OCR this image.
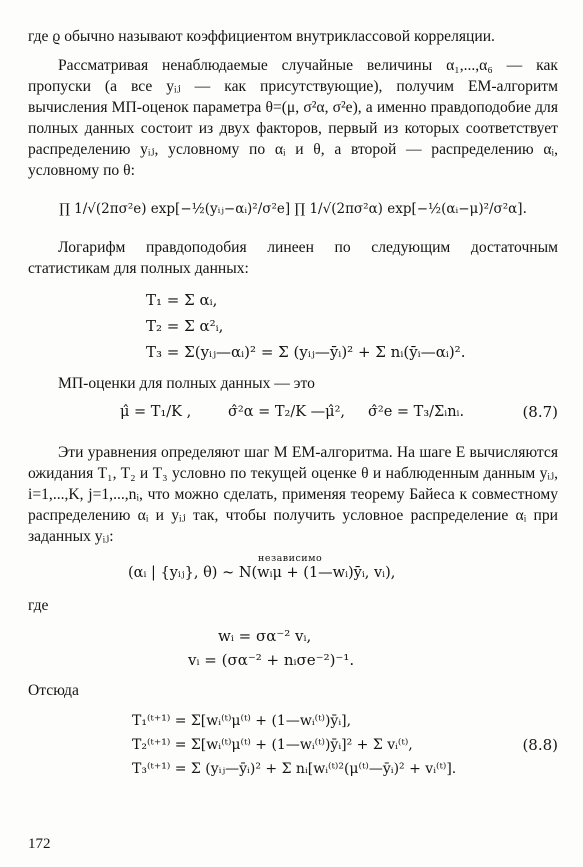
где ϱ обычно называют коэффициентом внутриклассовой корреляции.

Рассматривая ненаблюдаемые случайные величины α₁,...,α₆ — как пропуски (а все yᵢⱼ — как присутствующие), получим ЕМ-алгоритм вычисления МП-оценок параметра θ=(μ, σ²α, σ²e), а именно правдоподобие для полных данных состоит из двух факторов, первый из которых соответствует распределению yᵢⱼ, условному по αᵢ и θ, а второй — распределению αᵢ, условному по θ:

∏ 1/√(2πσ²e) exp[−½(yᵢⱼ−αᵢ)²/σ²e] ∏ 1/√(2πσ²α) exp[−½(αᵢ−μ)²/σ²α].

Логарифм правдоподобия линеен по следующим достаточным статистикам для полных данных:

T₁ = Σ αᵢ,
T₂ = Σ α²ᵢ,
T₃ = Σ(yᵢⱼ—αᵢ)² = Σ (yᵢⱼ—ȳᵢ)² + Σ nᵢ(ȳᵢ—αᵢ)².

МП-оценки для полных данных — это

μ̂ = T₁/K ,	σ̂²α = T₂/K —μ̂², σ̂²e = T₃/Σᵢnᵢ.	(8.7)

Эти уравнения определяют шаг М ЕМ-алгоритма. На шаге Е вычисляются ожидания T₁, T₂ и T₃ условно по текущей оценке θ и наблюденным данным yᵢⱼ, i=1,...,K, j=1,...,nᵢ, что можно сделать, применяя теорему Байеса к совместному распределению αᵢ и yᵢⱼ так, чтобы получить условное распределение αᵢ при заданных yᵢⱼ:

независимо
(αᵢ | {yᵢⱼ}, θ) ~ N(wᵢμ + (1—wᵢ)ȳᵢ, vᵢ),

где

wᵢ = σα⁻² vᵢ,
vᵢ = (σα⁻² + nᵢσe⁻²)⁻¹.

Отсюда

T₁⁽ᵗ⁺¹⁾ = Σ[wᵢ⁽ᵗ⁾μ⁽ᵗ⁾ + (1—wᵢ⁽ᵗ⁾)ȳᵢ],
T₂⁽ᵗ⁺¹⁾ = Σ[wᵢ⁽ᵗ⁾μ⁽ᵗ⁾ + (1—wᵢ⁽ᵗ⁾)ȳᵢ]² + Σ vᵢ⁽ᵗ⁾,
T₃⁽ᵗ⁺¹⁾ = Σ (yᵢⱼ—ȳᵢ)² + Σ nᵢ[wᵢ⁽ᵗ⁾²(μ⁽ᵗ⁾—ȳᵢ)² + vᵢ⁽ᵗ⁾].
(8.8)
172
